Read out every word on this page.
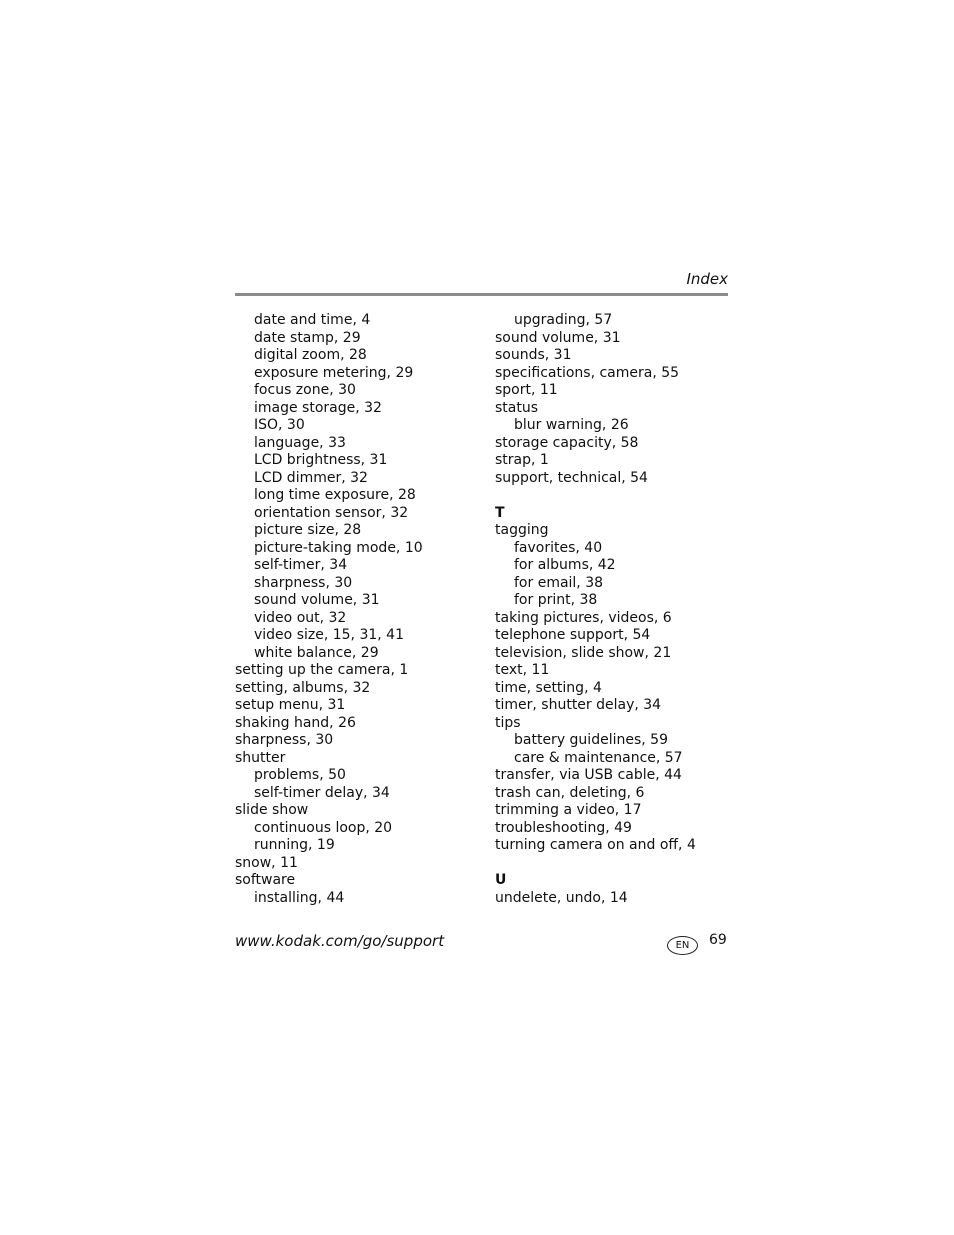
Index
date and time, 4
date stamp, 29
digital zoom, 28
exposure metering, 29
focus zone, 30
image storage, 32
ISO, 30
language, 33
LCD brightness, 31
LCD dimmer, 32
long time exposure, 28
orientation sensor, 32
picture size, 28
picture-taking mode, 10
self-timer, 34
sharpness, 30
sound volume, 31
video out, 32
video size, 15, 31, 41
white balance, 29
setting up the camera, 1
setting, albums, 32
setup menu, 31
shaking hand, 26
sharpness, 30
shutter
problems, 50
self-timer delay, 34
slide show
continuous loop, 20
running, 19
snow, 11
software
installing, 44
upgrading, 57
sound volume, 31
sounds, 31
specifications, camera, 55
sport, 11
status
blur warning, 26
storage capacity, 58
strap, 1
support, technical, 54
T
tagging
favorites, 40
for albums, 42
for email, 38
for print, 38
taking pictures, videos, 6
telephone support, 54
television, slide show, 21
text, 11
time, setting, 4
timer, shutter delay, 34
tips
battery guidelines, 59
care & maintenance, 57
transfer, via USB cable, 44
trash can, deleting, 6
trimming a video, 17
troubleshooting, 49
turning camera on and off, 4
U
undelete, undo, 14
www.kodak.com/go/support	EN	69
